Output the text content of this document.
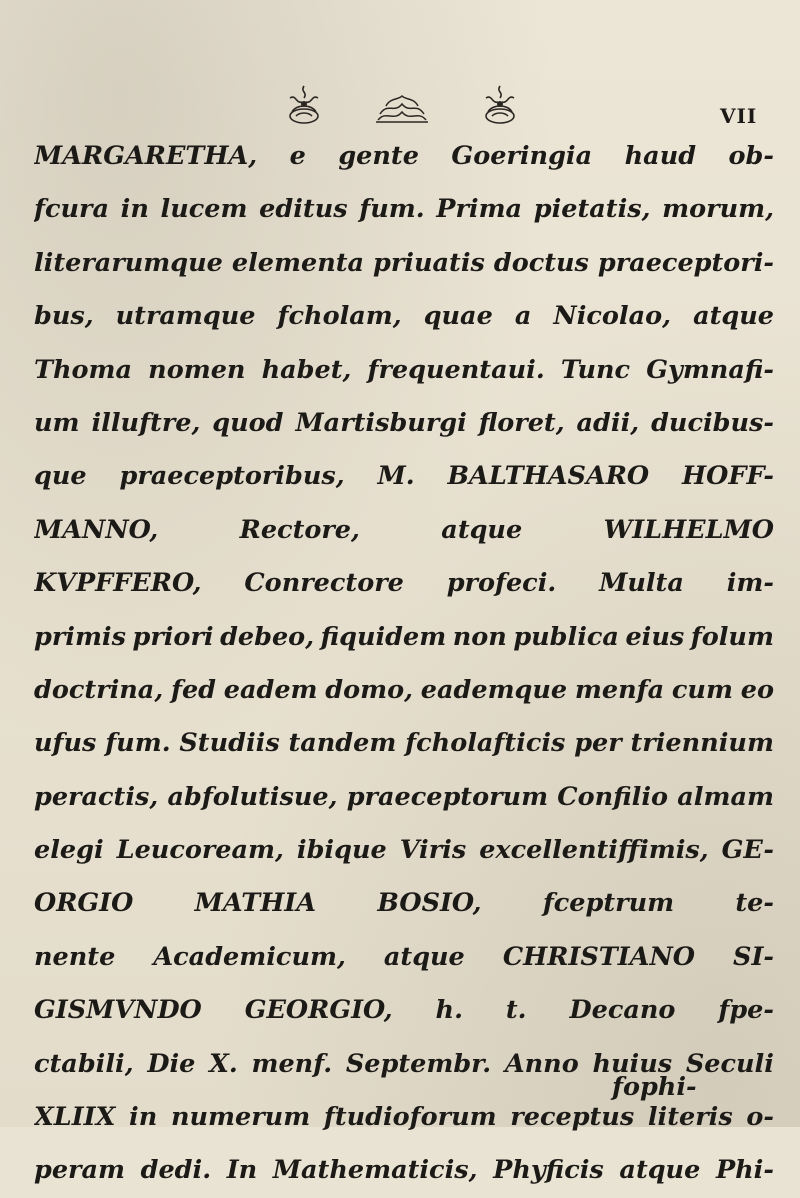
VII
MARGARETHA, e gente Goeringia haud ob-
fcura in lucem editus fum. Prima pietatis, morum,
literarumque elementa priuatis doctus praeceptori-
bus, utramque fcholam, quae a Nicolao, atque
Thoma nomen habet, frequentaui. Tunc Gymnafi-
um illuftre, quod Martisburgi floret, adii, ducibus-
que praeceptoribus, M. BALTHASARO HOFF-
MANNO,	Rectore,	atque	WILHELMO
KVPFFERO, Conrectore profeci. Multa im-
primis priori debeo, fiquidem non publica eius folum
doctrina, fed eadem domo, eademque menfa cum eo
ufus fum. Studiis tandem fcholafticis per triennium
peractis, abfolutisue, praeceptorum Confilio almam
elegi Leucoream, ibique Viris excellentiffimis, GE-
ORGIO MATHIA BOSIO, fceptrum te-
nente Academicum, atque CHRISTIANO SI-
GISMVNDO GEORGIO, h. t. Decano fpe-
ctabili, Die X. menf. Septembr. Anno huius Seculi
XLIIX in numerum ftudioforum receptus literis o-
peram dedi. In Mathematicis, Phyficis atque Phi-
fophi-
